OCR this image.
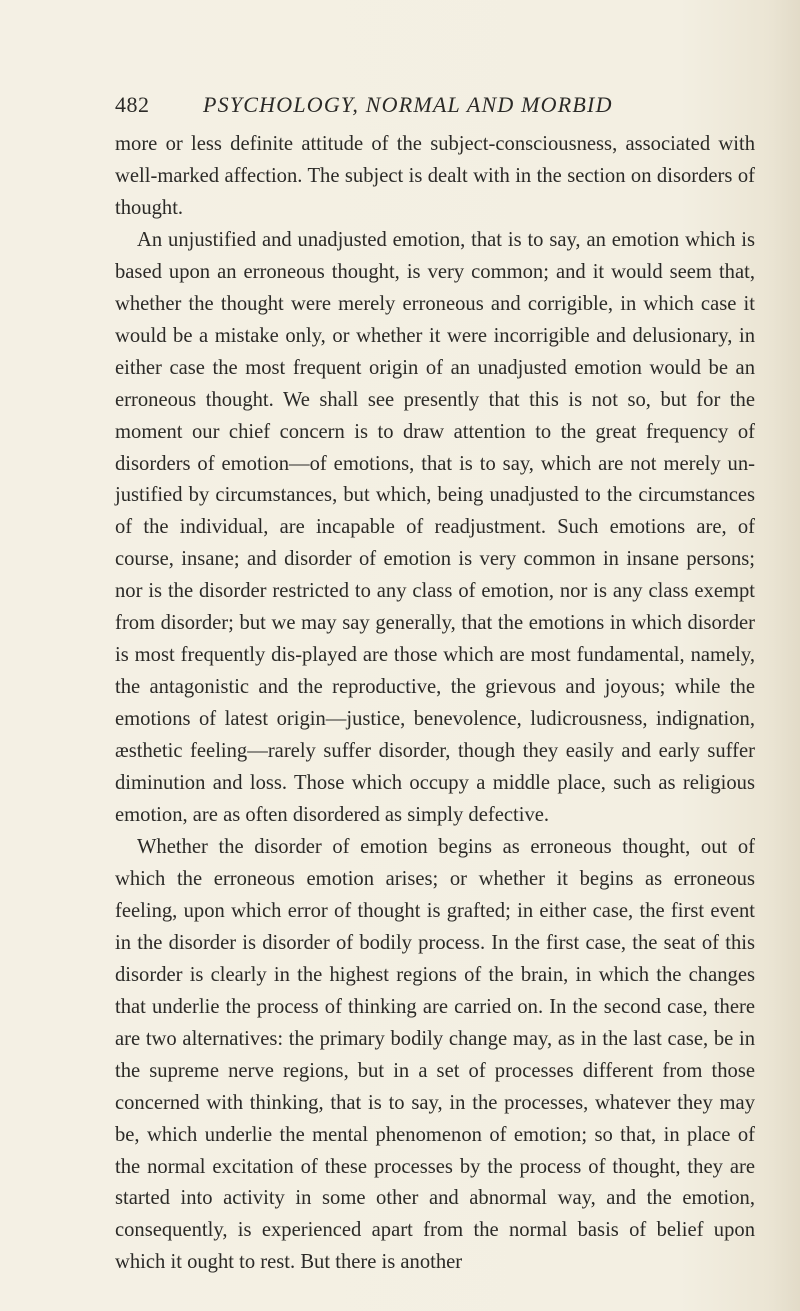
482 PSYCHOLOGY, NORMAL AND MORBID

more or less definite attitude of the subject-consciousness, associated with well-marked affection. The subject is dealt with in the section on disorders of thought.

An unjustified and unadjusted emotion, that is to say, an emotion which is based upon an erroneous thought, is very common; and it would seem that, whether the thought were merely erroneous and corrigible, in which case it would be a mistake only, or whether it were incorrigible and delusionary, in either case the most frequent origin of an unadjusted emotion would be an erroneous thought. We shall see presently that this is not so, but for the moment our chief concern is to draw attention to the great frequency of disorders of emotion—of emotions, that is to say, which are not merely un-justified by circumstances, but which, being unadjusted to the circumstances of the individual, are incapable of readjustment. Such emotions are, of course, insane; and disorder of emotion is very common in insane persons; nor is the disorder restricted to any class of emotion, nor is any class exempt from disorder; but we may say generally, that the emotions in which disorder is most frequently dis-played are those which are most fundamental, namely, the antagonistic and the reproductive, the grievous and joyous; while the emotions of latest origin—justice, benevolence, ludicrousness, indignation, æsthetic feeling—rarely suffer disorder, though they easily and early suffer diminution and loss. Those which occupy a middle place, such as religious emotion, are as often disordered as simply defective.

Whether the disorder of emotion begins as erroneous thought, out of which the erroneous emotion arises; or whether it begins as erroneous feeling, upon which error of thought is grafted; in either case, the first event in the disorder is disorder of bodily process. In the first case, the seat of this disorder is clearly in the highest regions of the brain, in which the changes that underlie the process of thinking are carried on. In the second case, there are two alternatives: the primary bodily change may, as in the last case, be in the supreme nerve regions, but in a set of processes different from those concerned with thinking, that is to say, in the processes, whatever they may be, which underlie the mental phenomenon of emotion; so that, in place of the normal excitation of these processes by the process of thought, they are started into activity in some other and abnormal way, and the emotion, consequently, is experienced apart from the normal basis of belief upon which it ought to rest. But there is another
